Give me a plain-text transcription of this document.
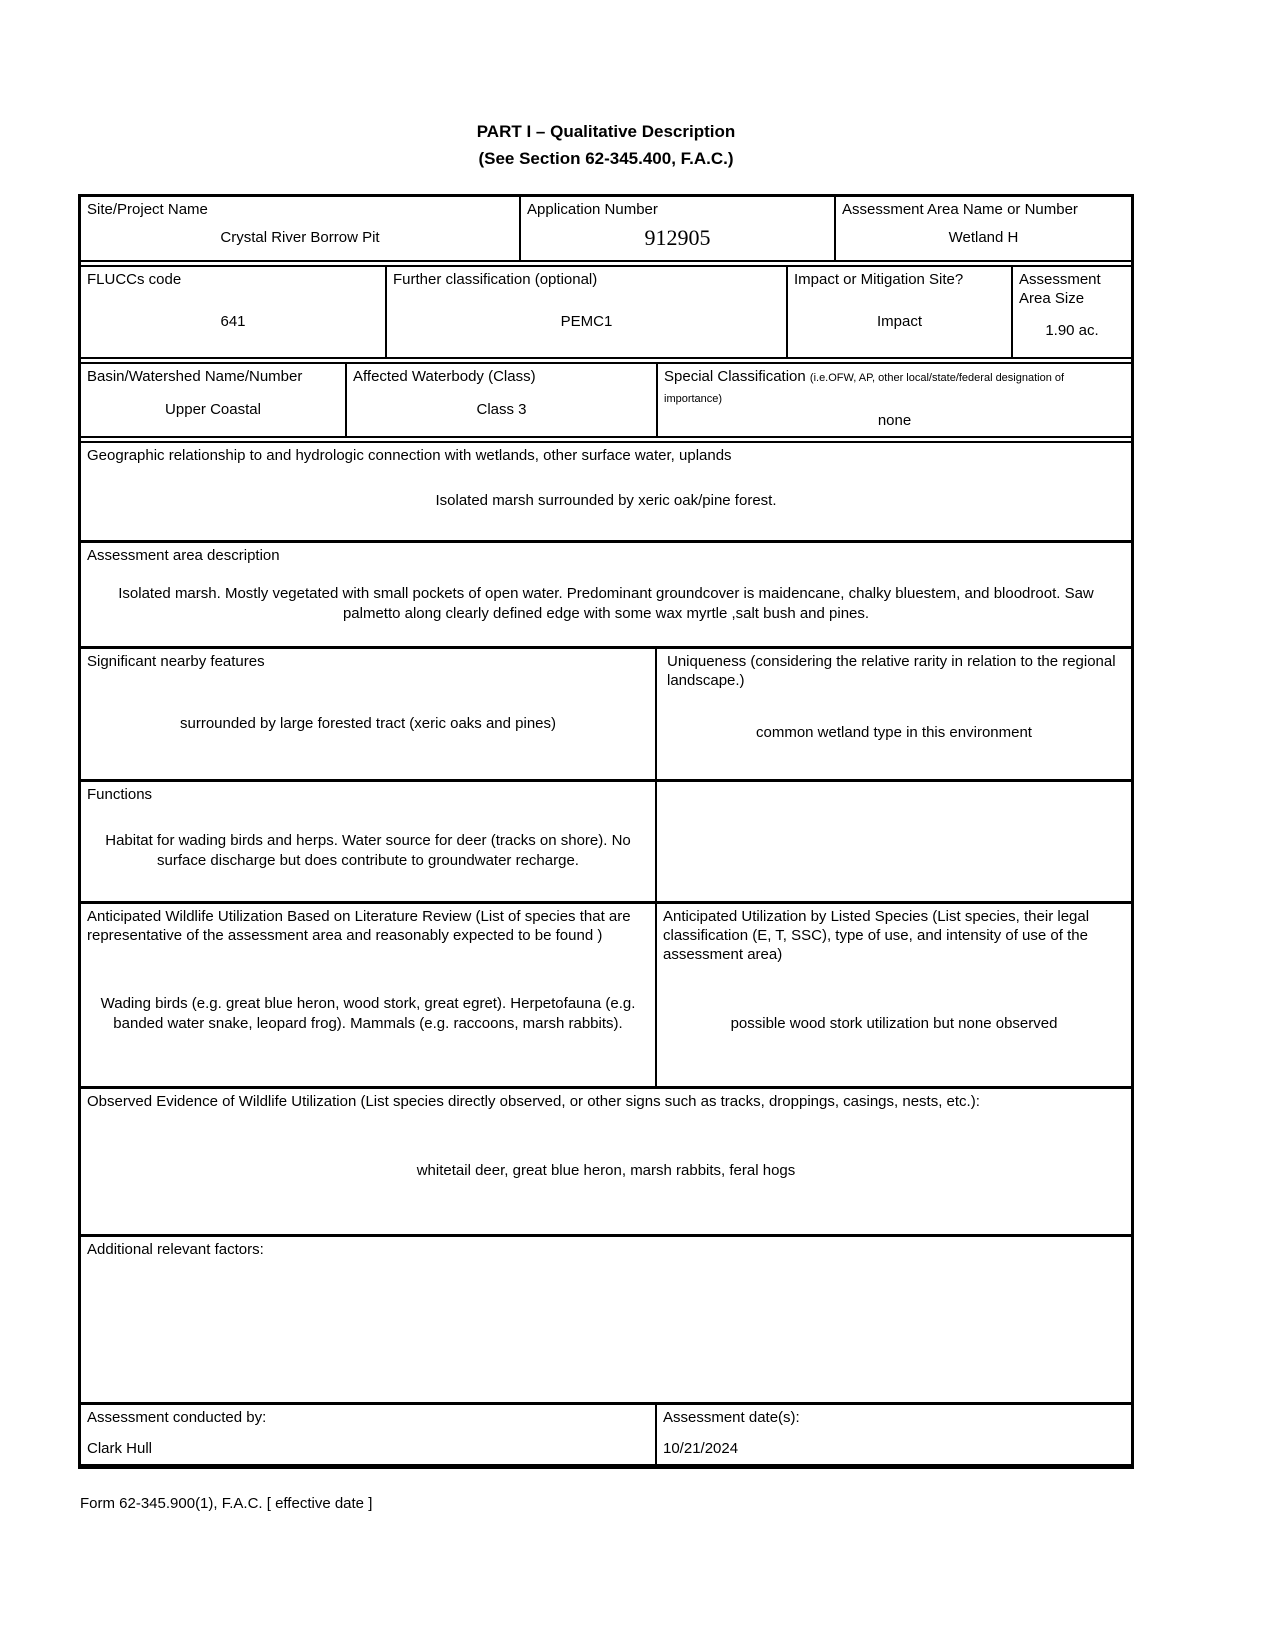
PART I – Qualitative Description
(See Section 62-345.400, F.A.C.)
Site/Project Name
Crystal River Borrow Pit
Application Number
912905
Assessment Area Name or Number
Wetland H
FLUCCs code
641
Further classification (optional)
PEMC1
Impact or Mitigation Site?
Impact
Assessment Area Size
1.90 ac.
Basin/Watershed Name/Number
Upper Coastal
Affected Waterbody (Class)
Class 3
Special Classification (i.e.OFW, AP, other local/state/federal designation of importance)
none
Geographic relationship to and hydrologic connection with wetlands, other surface water, uplands
Isolated marsh surrounded by xeric oak/pine forest.
Assessment area description
Isolated marsh. Mostly vegetated with small pockets of open water. Predominant groundcover is maidencane, chalky bluestem, and bloodroot. Saw palmetto along clearly defined edge with some wax myrtle ,salt bush and pines.
Significant nearby features
surrounded by large forested tract (xeric oaks and pines)
Uniqueness (considering the relative rarity in relation to the regional landscape.)
common wetland type in this environment
Functions
Habitat for wading birds and herps. Water source for deer (tracks on shore). No surface discharge but does contribute to groundwater recharge.
Anticipated Wildlife Utilization Based on Literature Review (List of species that are representative of the assessment area and reasonably expected to be found )
Wading birds (e.g. great blue heron, wood stork, great egret). Herpetofauna (e.g. banded water snake, leopard frog). Mammals (e.g. raccoons, marsh rabbits).
Anticipated Utilization by Listed Species (List species, their legal classification (E, T, SSC), type of use, and intensity of use of the assessment area)
possible wood stork utilization but none observed
Observed Evidence of Wildlife Utilization (List species directly observed, or other signs such as tracks, droppings, casings, nests, etc.):
whitetail deer, great blue heron, marsh rabbits, feral hogs
Additional relevant factors:
Assessment conducted by:
Clark Hull
Assessment date(s):
10/21/2024
Form 62-345.900(1), F.A.C. [ effective date ]
